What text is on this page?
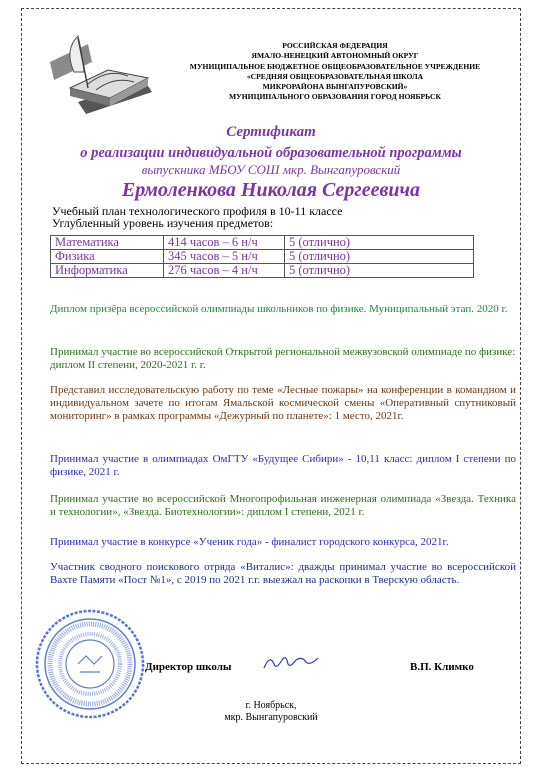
РОССИЙСКАЯ ФЕДЕРАЦИЯ
ЯМАЛО-НЕНЕЦКИЙ АВТОНОМНЫЙ ОКРУГ
МУНИЦИПАЛЬНОЕ БЮДЖЕТНОЕ ОБЩЕОБРАЗОВАТЕЛЬНОЕ УЧРЕЖДЕНИЕ
«СРЕДНЯЯ ОБЩЕОБРАЗОВАТЕЛЬНАЯ ШКОЛА
МИКРОРАЙОНА ВЫНГАПУРОВСКИЙ»
МУНИЦИПАЛЬНОГО ОБРАЗОВАНИЯ ГОРОД НОЯБРЬСК
Сертификат
о реализации индивидуальной образовательной программы
выпускника МБОУ СОШ мкр. Вынгапуровский
Ермоленкова Николая Сергеевича
Учебный план технологического профиля в 10-11 классе
Углубленный уровень изучения предметов:
Математика	414 часов – 6 н/ч	5 (отлично)
Физика	345 часов – 5 н/ч	5 (отлично)
Информатика	276 часов – 4 н/ч	5 (отлично)
Диплом призёра всероссийской олимпиады школьников по физике. Муниципальный этап. 2020 г.
Принимал участие во всероссийской Открытой региональной межвузовской олимпиаде по физике: диплом II степени, 2020-2021 г. г.
Представил исследовательскую работу по теме «Лесные пожары» на конференции в командном и индивидуальном зачете по итогам Ямальской космической смены «Оперативный спутниковый мониторинг» в рамках программы «Дежурный по планете»: 1 место, 2021г.
Принимал участие в олимпиадах ОмГТУ «Будущее Сибири» - 10,11 класс: диплом I степени по физике, 2021 г.
Принимал участие во всероссийской Многопрофильная инженерная олимпиада «Звезда. Техника и технологии», «Звезда. Биотехнологии»: диплом I степени, 2021 г.
Принимал участие в конкурсе «Ученик года» - финалист городского конкурса, 2021г.
Участник сводного поискового отряда «Виталис»: дважды принимал участие во всероссийской Вахте Памяти «Пост №1», с 2019 по 2021 г.г. выезжал на раскопки в Тверскую область.
Директор школы	В.П. Климко
г. Ноябрьск,
мкр. Вынгапуровский
